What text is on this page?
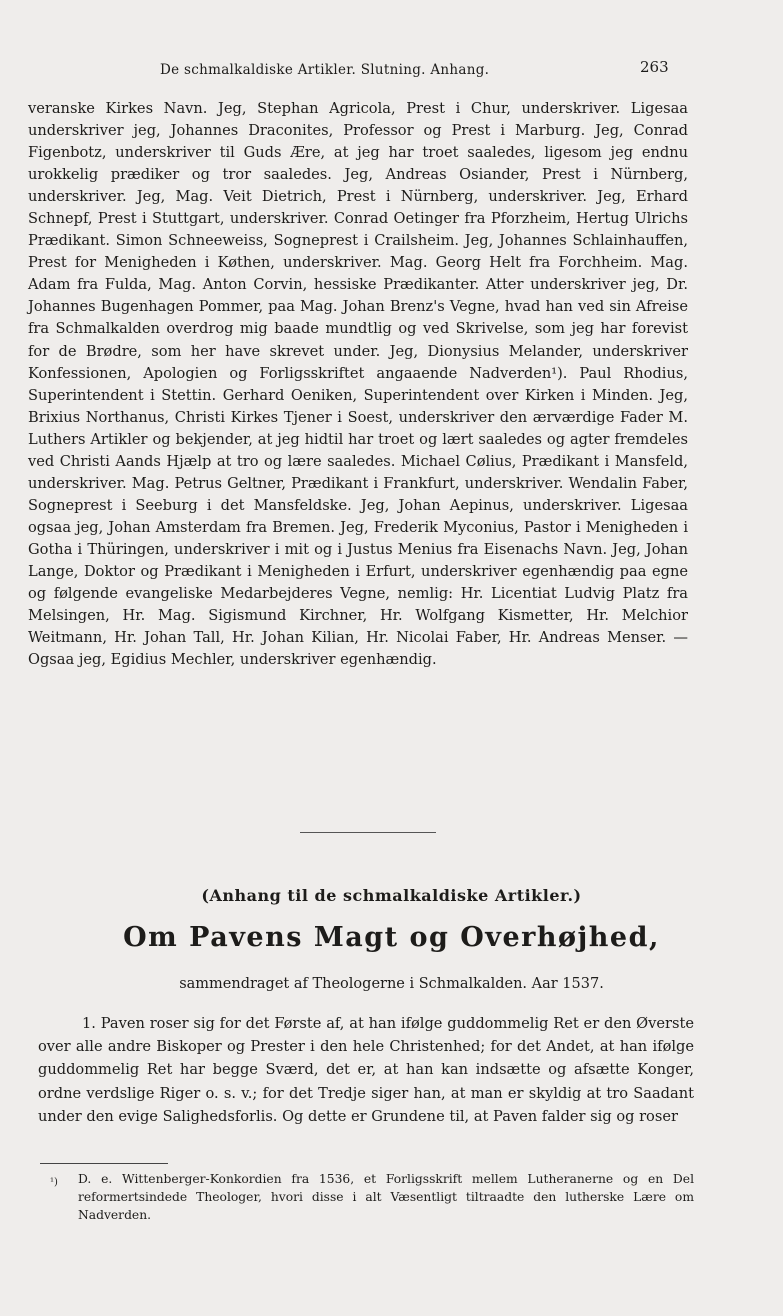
De schmalkaldiske Artikler. Slutning. Anhang.	263

veranske Kirkes Navn. Jeg, Stephan Agricola, Prest i Chur, underskriver. Ligesaa underskriver jeg, Johannes Draconites, Professor og Prest i Marburg. Jeg, Conrad Figenbotz, underskriver til Guds Ære, at jeg har troet saaledes, ligesom jeg endnu urokkelig prædiker og tror saaledes. Jeg, Andreas Osiander, Prest i Nürnberg, underskriver. Jeg, Mag. Veit Dietrich, Prest i Nürnberg, underskriver. Jeg, Erhard Schnepf, Prest i Stuttgart, underskriver. Conrad Oetinger fra Pforzheim, Hertug Ulrichs Prædikant. Simon Schneeweiss, Sogneprest i Crailsheim. Jeg, Johannes Schlainhauffen, Prest for Menigheden i Køthen, underskriver. Mag. Georg Helt fra Forchheim. Mag. Adam fra Fulda, Mag. Anton Corvin, hessiske Prædikanter. Atter underskriver jeg, Dr. Johannes Bugenhagen Pommer, paa Mag. Johan Brenz's Vegne, hvad han ved sin Afreise fra Schmalkalden overdrog mig baade mundtlig og ved Skrivelse, som jeg har forevist for de Brødre, som her have skrevet under. Jeg, Dionysius Melander, underskriver Konfessionen, Apologien og Forligsskriftet angaaende Nadverden¹). Paul Rhodius, Superintendent i Stettin. Gerhard Oeniken, Superintendent over Kirken i Minden. Jeg, Brixius Northanus, Christi Kirkes Tjener i Soest, underskriver den ærværdige Fader M. Luthers Artikler og bekjender, at jeg hidtil har troet og lært saaledes og agter fremdeles ved Christi Aands Hjælp at tro og lære saaledes. Michael Cølius, Prædikant i Mansfeld, underskriver. Mag. Petrus Geltner, Prædikant i Frankfurt, underskriver. Wendalin Faber, Sogneprest i Seeburg i det Mansfeldske. Jeg, Johan Aepinus, underskriver. Ligesaa ogsaa jeg, Johan Amsterdam fra Bremen. Jeg, Frederik Myconius, Pastor i Menigheden i Gotha i Thüringen, underskriver i mit og i Justus Menius fra Eisenachs Navn. Jeg, Johan Lange, Doktor og Prædikant i Menigheden i Erfurt, underskriver egenhændig paa egne og følgende evangeliske Medarbejderes Vegne, nemlig: Hr. Licentiat Ludvig Platz fra Melsingen, Hr. Mag. Sigismund Kirchner, Hr. Wolfgang Kismetter, Hr. Melchior Weitmann, Hr. Johan Tall, Hr. Johan Kilian, Hr. Nicolai Faber, Hr. Andreas Menser. — Ogsaa jeg, Egidius Mechler, underskriver egenhændig.

(Anhang til de schmalkaldiske Artikler.)
Om Pavens Magt og Overhøjhed,
sammendraget af Theologerne i Schmalkalden. Aar 1537.

1. Paven roser sig for det Første af, at han ifølge guddommelig Ret er den Øverste over alle andre Biskoper og Prester i den hele Christenhed; for det Andet, at han ifølge guddommelig Ret har begge Sværd, det er, at han kan indsætte og afsætte Konger, ordne verdslige Riger o. s. v.; for det Tredje siger han, at man er skyldig at tro Saadant under den evige Salighedsforlis. Og dette er Grundene til, at Paven falder sig og roser

¹)	D. e. Wittenberger-Konkordien fra 1536, et Forligsskrift mellem Lutheranerne og en Del reformertsindede Theologer, hvori disse i alt Væsentligt tiltraadte den lutherske Lære om Nadverden.
